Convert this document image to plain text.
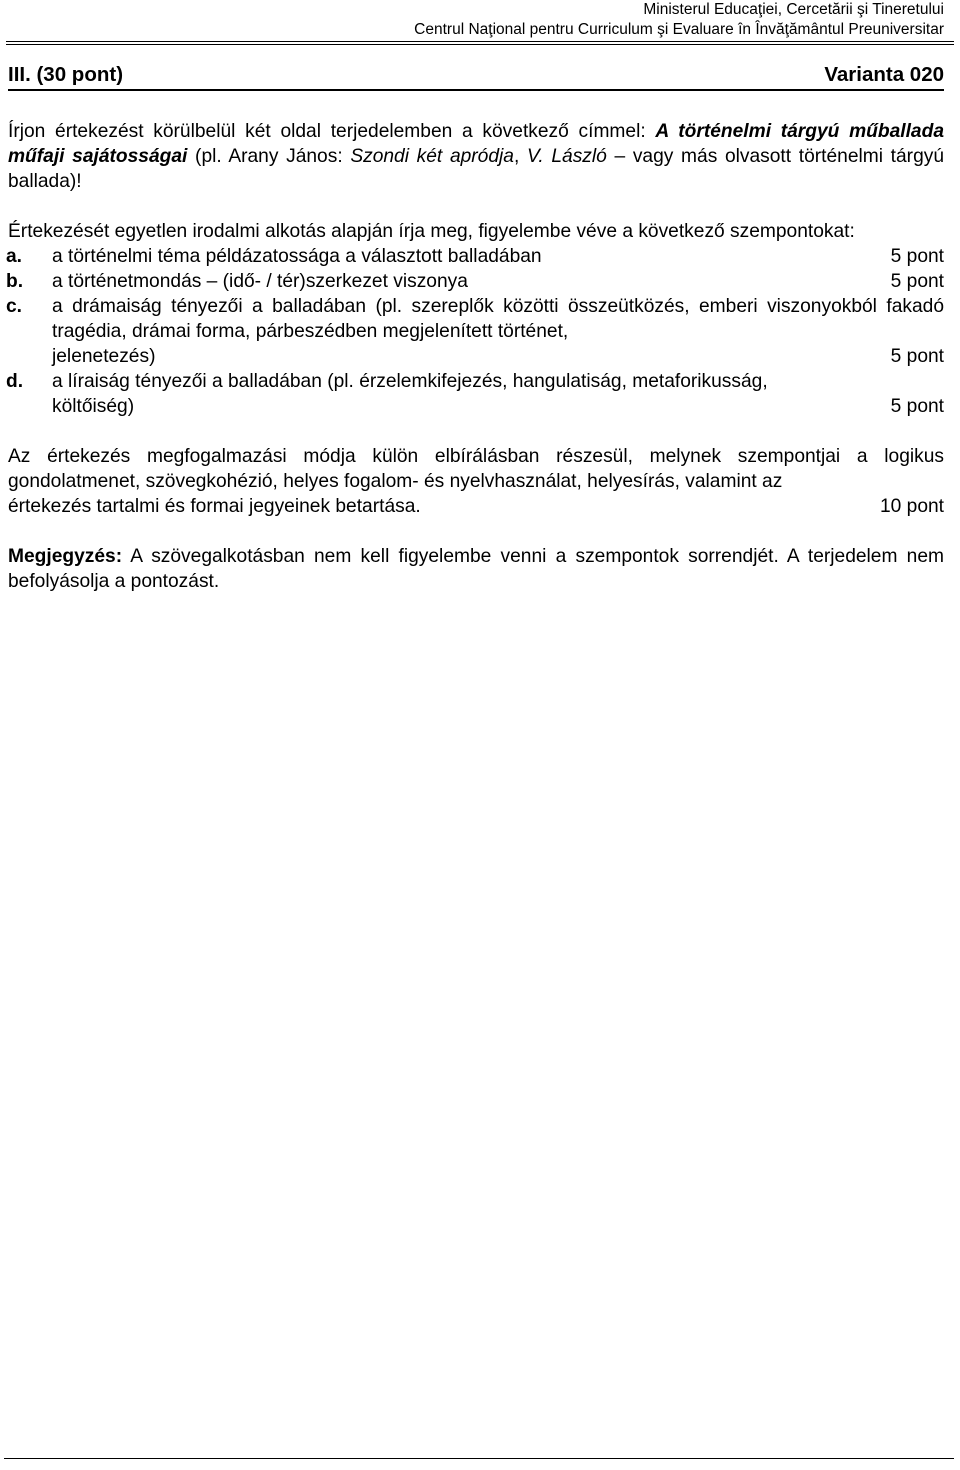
Ministerul Educaţiei, Cercetării şi Tineretului
Centrul Naţional pentru Curriculum şi Evaluare în Învăţământul Preuniversitar
III. (30 pont)	Varianta 020

Írjon értekezést körülbelül két oldal terjedelemben a következő címmel: A történelmi tárgyú műballada műfaji sajátosságai (pl. Arany János: Szondi két apródja, V. László – vagy más olvasott történelmi tárgyú ballada)!

Értekezését egyetlen irodalmi alkotás alapján írja meg, figyelembe véve a következő szempontokat:

a.	a történelmi téma példázatossága a választott balladában	5 pont
b.	a történetmondás – (idő- / tér)szerkezet viszonya	5 pont
c.	a drámaiság tényezői a balladában (pl. szereplők közötti összeütközés, emberi viszonyokból fakadó tragédia, drámai forma, párbeszédben megjelenített történet,
jelenetezés)	5 pont
d.	a líraiság tényezői a balladában (pl. érzelemkifejezés, hangulatiság, metaforikusság,
költőiség)	5 pont

Az értekezés megfogalmazási módja külön elbírálásban részesül, melynek szempontjai a logikus gondolatmenet, szövegkohézió, helyes fogalom- és nyelvhasználat, helyesírás, valamint az

értekezés tartalmi és formai jegyeinek betartása.	10 pont

Megjegyzés: A szövegalkotásban nem kell figyelembe venni a szempontok sorrendjét. A terjedelem nem befolyásolja a pontozást.
